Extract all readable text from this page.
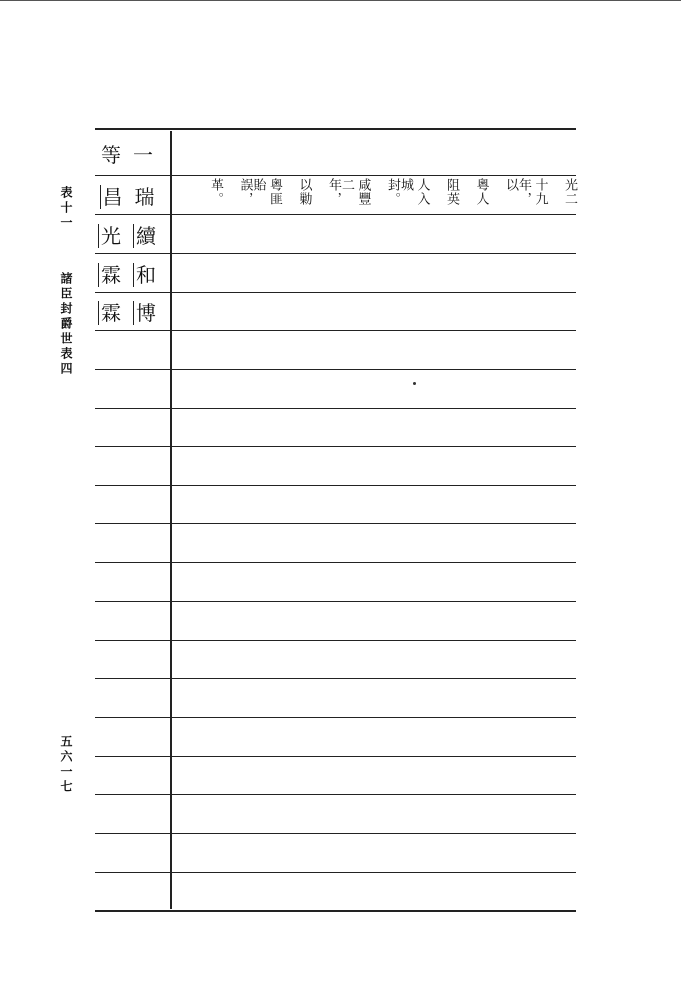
表十一
諸臣封爵世表四
五六一七
等一
昌瑞
光 續
霖 和
霖 博
光二
十九
年，以
粵人
阻英
人入
城封。
咸豐
二年，
以勦
粵匪
貽誤，
革。
